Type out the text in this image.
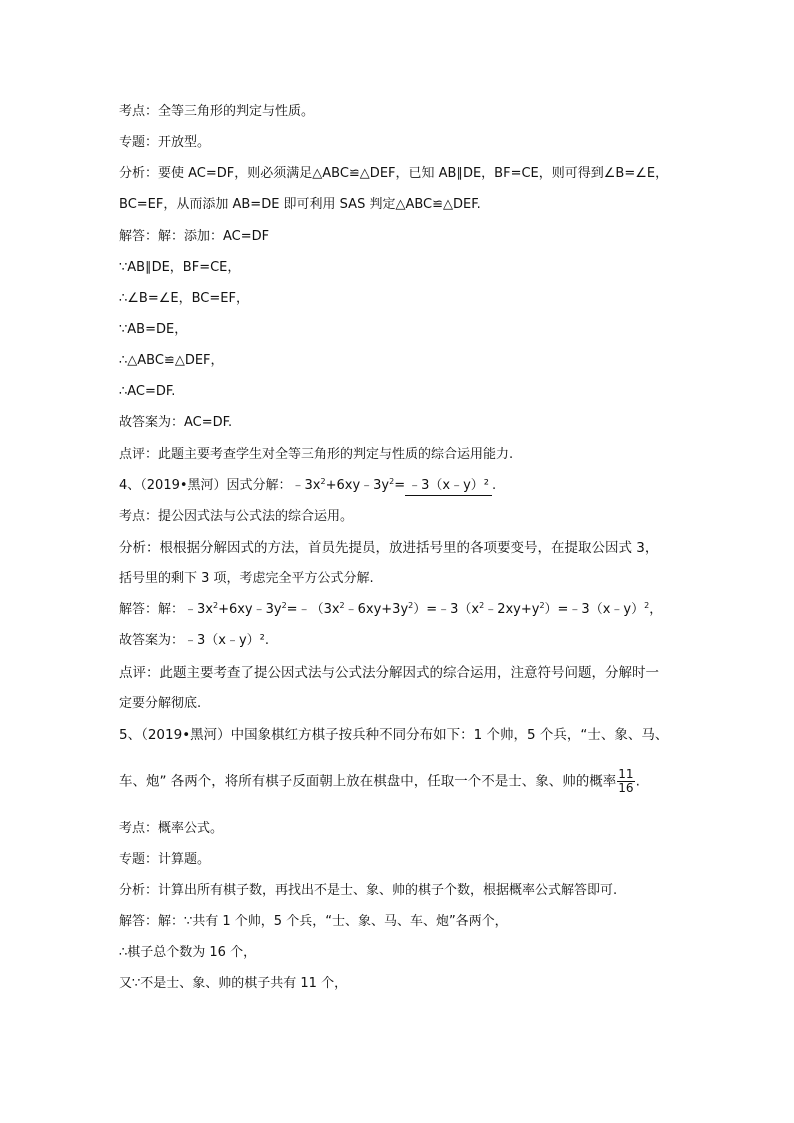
考点：全等三角形的判定与性质。
专题：开放型。
分析：要使 AC=DF，则必须满足△ABC≌△DEF，已知 AB∥DE，BF=CE，则可得到∠B=∠E，
BC=EF，从而添加 AB=DE 即可利用 SAS 判定△ABC≌△DEF.
解答：解：添加：AC=DF
∵AB∥DE，BF=CE，
∴∠B=∠E，BC=EF，
∵AB=DE，
∴△ABC≌△DEF，
∴AC=DF.
故答案为：AC=DF.
点评：此题主要考查学生对全等三角形的判定与性质的综合运用能力.
4、（2019•黑河）因式分解：$﹣3x^2+6xy﹣3y^2=$ ﹣3（x﹣y）² .
考点：提公因式法与公式法的综合运用。
分析：根根据分解因式的方法，首员先提员，放进括号里的各项要变号，在提取公因式 3，
括号里的剩下 3 项，考虑完全平方公式分解.
解答：解：$﹣3x^2+6xy﹣3y^2=﹣(3x^2﹣6xy+3y^2)=﹣3(x^2﹣2xy+y^2)=﹣3(x﹣y)^2$，
故答案为：﹣3（x﹣y）².
点评：此题主要考查了提公因式法与公式法分解因式的综合运用，注意符号问题，分解时一
定要分解彻底.
5、（2019•黑河）中国象棋红方棋子按兵种不同分布如下：1 个帅，5 个兵，“士、象、马、
车、炮” 各两个，将所有棋子反面朝上放在棋盘中，任取一个不是士、象、帅的概率 $\frac{11}{16}$ .
考点：概率公式。
专题：计算题。
分析：计算出所有棋子数，再找出不是士、象、帅的棋子个数，根据概率公式解答即可.
解答：解：∵共有 1 个帅，5 个兵，“士、象、马、车、炮”各两个，
∴棋子总个数为 16 个，
又∵不是士、象、帅的棋子共有 11 个，
